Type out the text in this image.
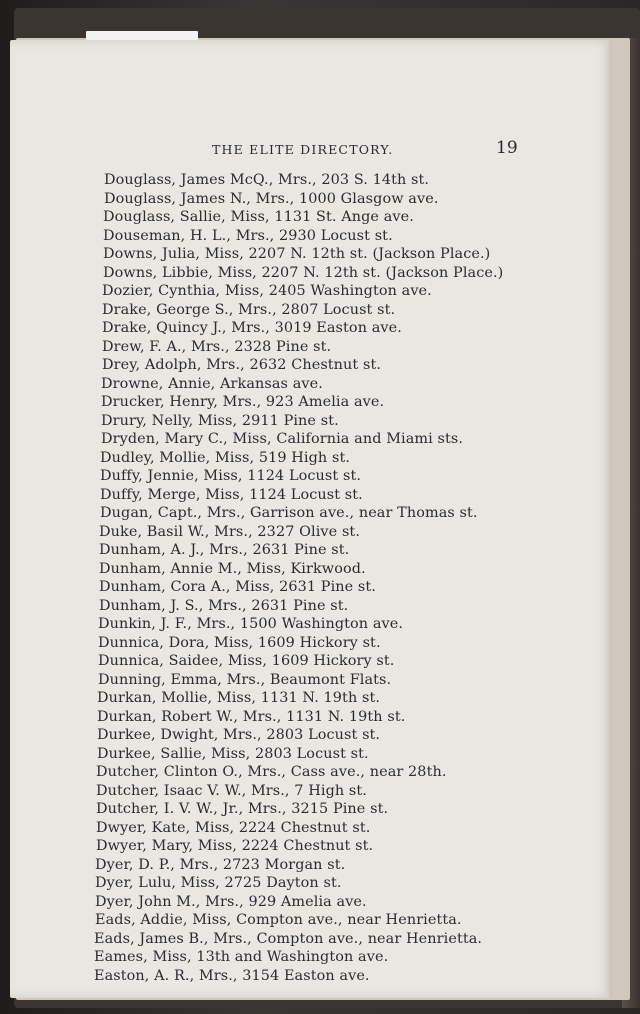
THE ELITE DIRECTORY.	19
Douglass, James McQ., Mrs., 203 S. 14th st.
Douglass, James N., Mrs., 1000 Glasgow ave.
Douglass, Sallie, Miss, 1131 St. Ange ave.
Douseman, H. L., Mrs., 2930 Locust st.
Downs, Julia, Miss, 2207 N. 12th st. (Jackson Place.)
Downs, Libbie, Miss, 2207 N. 12th st. (Jackson Place.)
Dozier, Cynthia, Miss, 2405 Washington ave.
Drake, George S., Mrs., 2807 Locust st.
Drake, Quincy J., Mrs., 3019 Easton ave.
Drew, F. A., Mrs., 2328 Pine st.
Drey, Adolph, Mrs., 2632 Chestnut st.
Drowne, Annie, Arkansas ave.
Drucker, Henry, Mrs., 923 Amelia ave.
Drury, Nelly, Miss, 2911 Pine st.
Dryden, Mary C., Miss, California and Miami sts.
Dudley, Mollie, Miss, 519 High st.
Duffy, Jennie, Miss, 1124 Locust st.
Duffy, Merge, Miss, 1124 Locust st.
Dugan, Capt., Mrs., Garrison ave., near Thomas st.
Duke, Basil W., Mrs., 2327 Olive st.
Dunham, A. J., Mrs., 2631 Pine st.
Dunham, Annie M., Miss, Kirkwood.
Dunham, Cora A., Miss, 2631 Pine st.
Dunham, J. S., Mrs., 2631 Pine st.
Dunkin, J. F., Mrs., 1500 Washington ave.
Dunnica, Dora, Miss, 1609 Hickory st.
Dunnica, Saidee, Miss, 1609 Hickory st.
Dunning, Emma, Mrs., Beaumont Flats.
Durkan, Mollie, Miss, 1131 N. 19th st.
Durkan, Robert W., Mrs., 1131 N. 19th st.
Durkee, Dwight, Mrs., 2803 Locust st.
Durkee, Sallie, Miss, 2803 Locust st.
Dutcher, Clinton O., Mrs., Cass ave., near 28th.
Dutcher, Isaac V. W., Mrs., 7 High st.
Dutcher, I. V. W., Jr., Mrs., 3215 Pine st.
Dwyer, Kate, Miss, 2224 Chestnut st.
Dwyer, Mary, Miss, 2224 Chestnut st.
Dyer, D. P., Mrs., 2723 Morgan st.
Dyer, Lulu, Miss, 2725 Dayton st.
Dyer, John M., Mrs., 929 Amelia ave.
Eads, Addie, Miss, Compton ave., near Henrietta.
Eads, James B., Mrs., Compton ave., near Henrietta.
Eames, Miss, 13th and Washington ave.
Easton, A. R., Mrs., 3154 Easton ave.
